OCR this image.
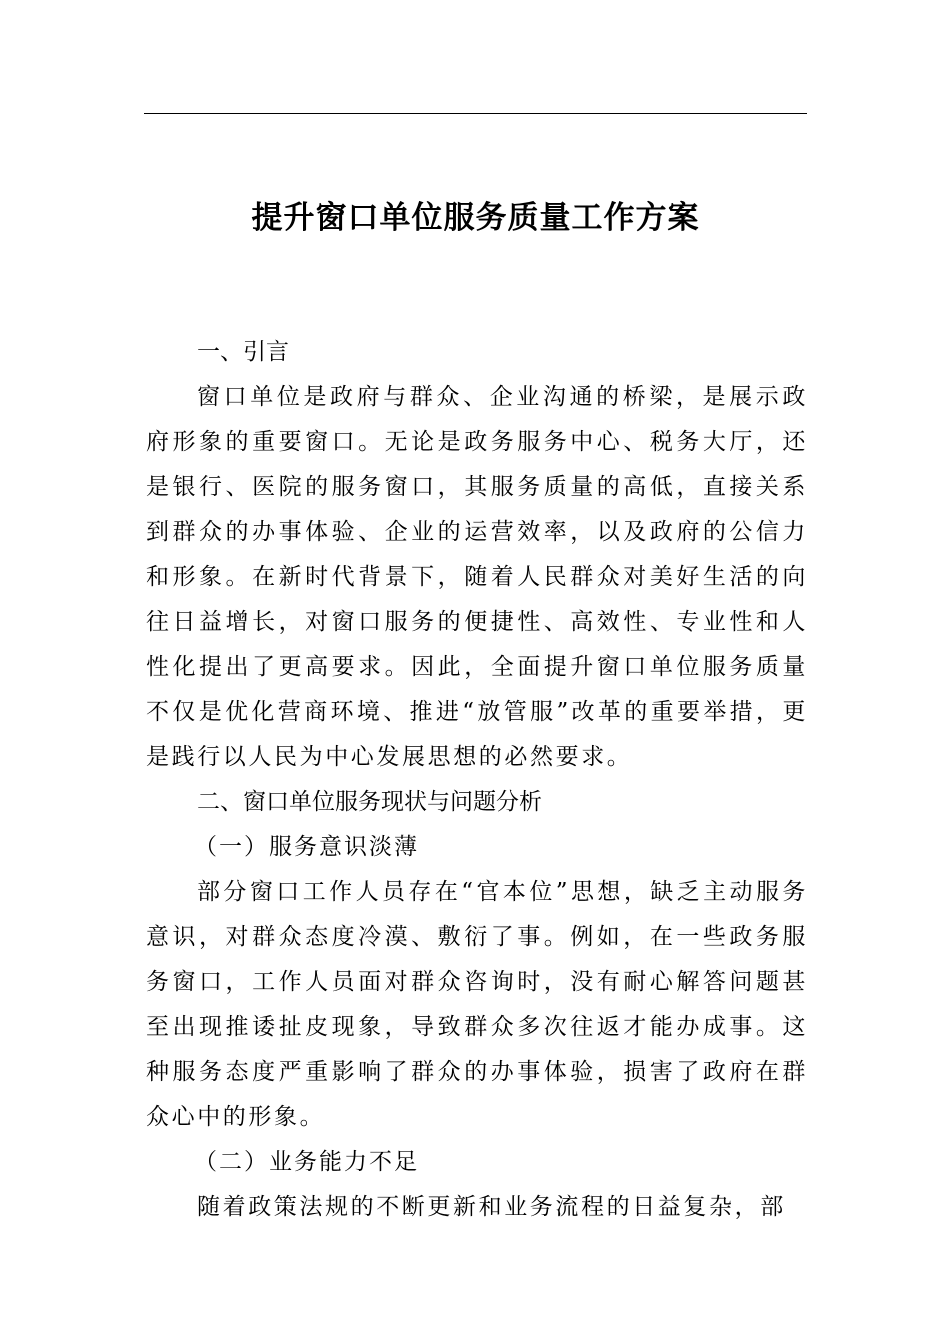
提升窗口单位服务质量工作方案

一、引言

窗口单位是政府与群众、企业沟通的桥梁，是展示政府形象的重要窗口。无论是政务服务中心、税务大厅，还是银行、医院的服务窗口，其服务质量的高低，直接关系到群众的办事体验、企业的运营效率，以及政府的公信力和形象。在新时代背景下，随着人民群众对美好生活的向往日益增长，对窗口服务的便捷性、高效性、专业性和人性化提出了更高要求。因此，全面提升窗口单位服务质量不仅是优化营商环境、推进“放管服”改革的重要举措，更是践行以人民为中心发展思想的必然要求。

二、窗口单位服务现状与问题分析

（一）服务意识淡薄

部分窗口工作人员存在“官本位”思想，缺乏主动服务意识，对群众态度冷漠、敷衍了事。例如，在一些政务服务窗口，工作人员面对群众咨询时，没有耐心解答问题甚至出现推诿扯皮现象，导致群众多次往返才能办成事。这种服务态度严重影响了群众的办事体验，损害了政府在群众心中的形象。

（二）业务能力不足

随着政策法规的不断更新和业务流程的日益复杂，部
